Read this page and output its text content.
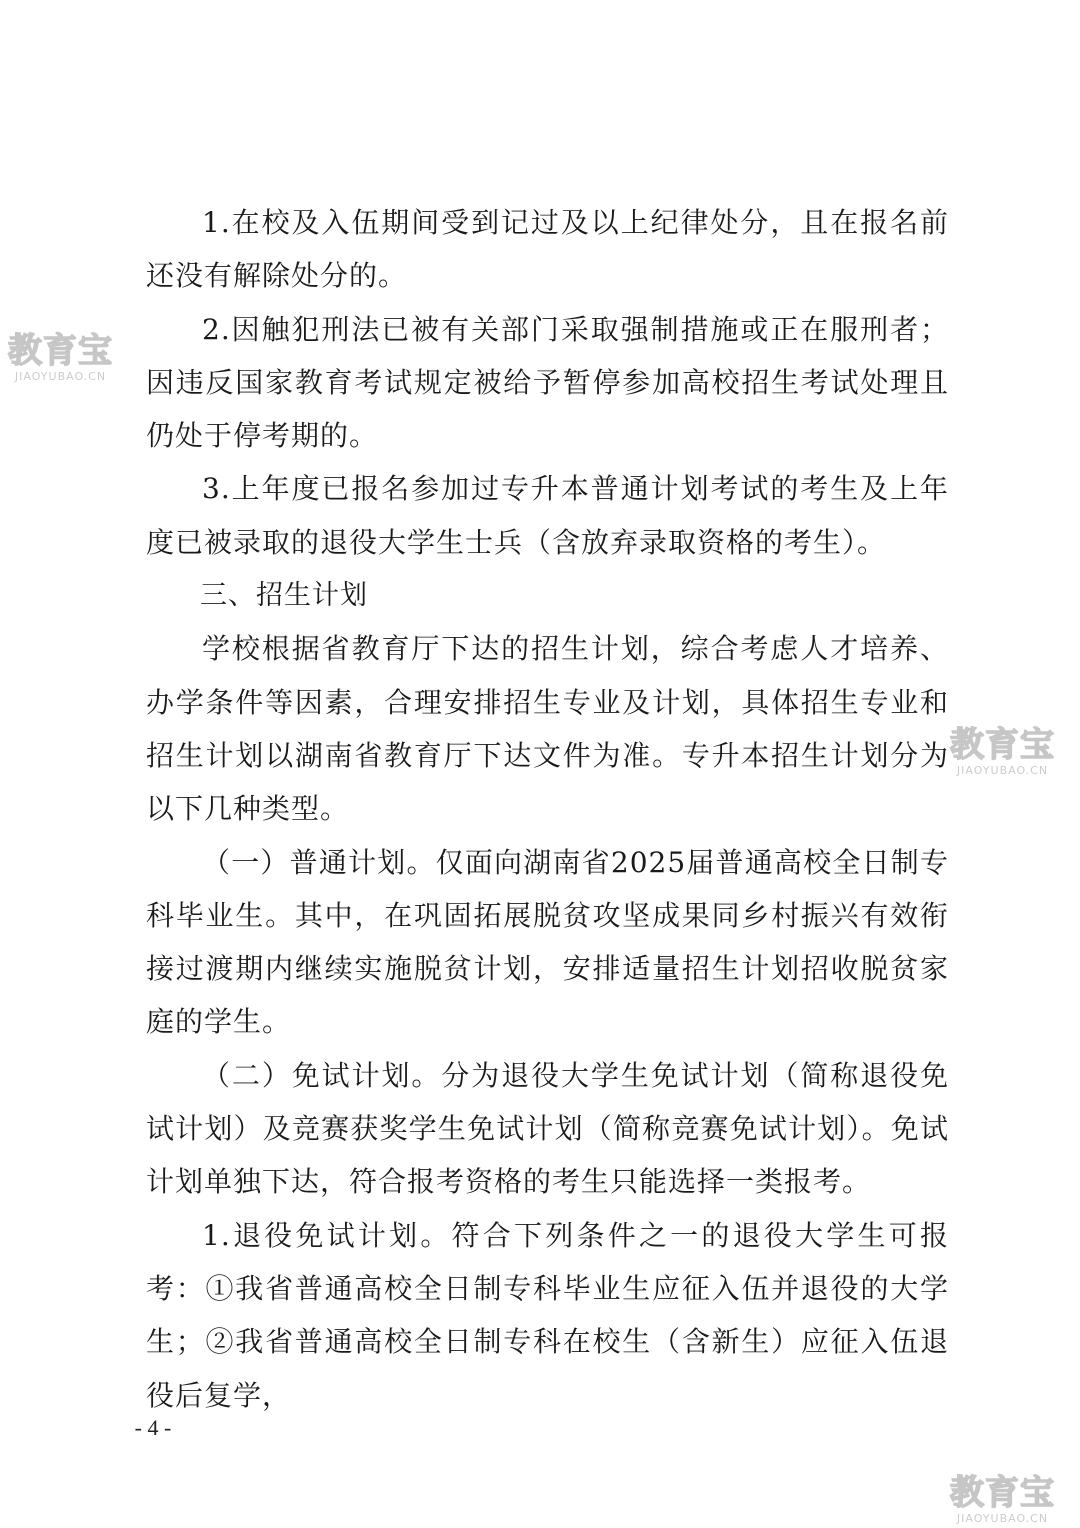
1.在校及入伍期间受到记过及以上纪律处分，且在报名前还没有解除处分的。

2.因触犯刑法已被有关部门采取强制措施或正在服刑者；因违反国家教育考试规定被给予暂停参加高校招生考试处理且仍处于停考期的。

3.上年度已报名参加过专升本普通计划考试的考生及上年度已被录取的退役大学生士兵（含放弃录取资格的考生）。

三、招生计划

学校根据省教育厅下达的招生计划，综合考虑人才培养、办学条件等因素，合理安排招生专业及计划，具体招生专业和招生计划以湖南省教育厅下达文件为准。专升本招生计划分为以下几种类型。

（一）普通计划。仅面向湖南省2025届普通高校全日制专科毕业生。其中，在巩固拓展脱贫攻坚成果同乡村振兴有效衔接过渡期内继续实施脱贫计划，安排适量招生计划招收脱贫家庭的学生。

（二）免试计划。分为退役大学生免试计划（简称退役免试计划）及竞赛获奖学生免试计划（简称竞赛免试计划）。免试计划单独下达，符合报考资格的考生只能选择一类报考。

1.退役免试计划。符合下列条件之一的退役大学生可报考：①我省普通高校全日制专科毕业生应征入伍并退役的大学生；②我省普通高校全日制专科在校生（含新生）应征入伍退役后复学，

- 4 -
教育宝
JIAOYUBAO.CN
教育宝
JIAOYUBAO.CN
教育宝
JIAOYUBAO.CN
